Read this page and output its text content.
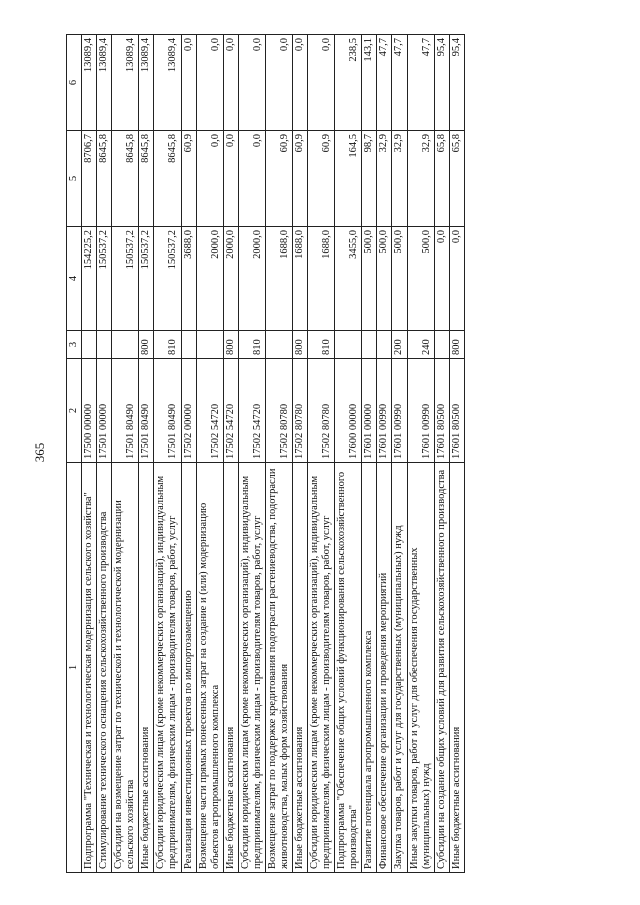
365
1	2	3	4	5	6
Подпрограмма "Техническая и технологическая модернизация сельского хозяйства"	17500 00000		154225,2	8706,7	13089,4
Стимулирование технического оснащения сельскохозяйственного производства	17501 00000		150537,2	8645,8	13089,4
Субсидии на возмещение затрат по технической и технологической модернизации сельского хозяйства	17501 80490		150537,2	8645,8	13089,4
Иные бюджетные ассигнования	17501 80490	800	150537,2	8645,8	13089,4
Субсидии юридическим лицам (кроме некоммерческих организаций), индивидуальным предпринимателям, физическим лицам - производителям товаров, работ, услуг	17501 80490	810	150537,2	8645,8	13089,4
Реализация инвестиционных проектов по импортозамещению	17502 00000		3688,0	60,9	0,0
Возмещение части прямых понесенных затрат на создание и (или) модернизацию объектов агропромышленного комплекса	17502 54720		2000,0	0,0	0,0
Иные бюджетные ассигнования	17502 54720	800	2000,0	0,0	0,0
Субсидии юридическим лицам (кроме некоммерческих организаций), индивидуальным предпринимателям, физическим лицам - производителям товаров, работ, услуг	17502 54720	810	2000,0	0,0	0,0
Возмещение затрат по поддержке кредитования подотрасли растениеводства, подотрасли животноводства, малых форм хозяйствования	17502 80780		1688,0	60,9	0,0
Иные бюджетные ассигнования	17502 80780	800	1688,0	60,9	0,0
Субсидии юридическим лицам (кроме некоммерческих организаций), индивидуальным предпринимателям, физическим лицам - производителям товаров, работ, услуг	17502 80780	810	1688,0	60,9	0,0
Подпрограмма "Обеспечение общих условий функционирования сельскохозяйственного производства"	17600 00000		3455,0	164,5	238,5
Развитие потенциала агропромышленного комплекса	17601 00000		500,0	98,7	143,1
Финансовое обеспечение организации и проведения мероприятий	17601 00990		500,0	32,9	47,7
Закупка товаров, работ и услуг для государственных (муниципальных) нужд	17601 00990	200	500,0	32,9	47,7
Иные закупки товаров, работ и услуг для обеспечения государственных (муниципальных) нужд	17601 00990	240	500,0	32,9	47,7
Субсидии на создание общих условий для развития сельскохозяйственного производства	17601 80500		0,0	65,8	95,4
Иные бюджетные ассигнования	17601 80500	800	0,0	65,8	95,4
